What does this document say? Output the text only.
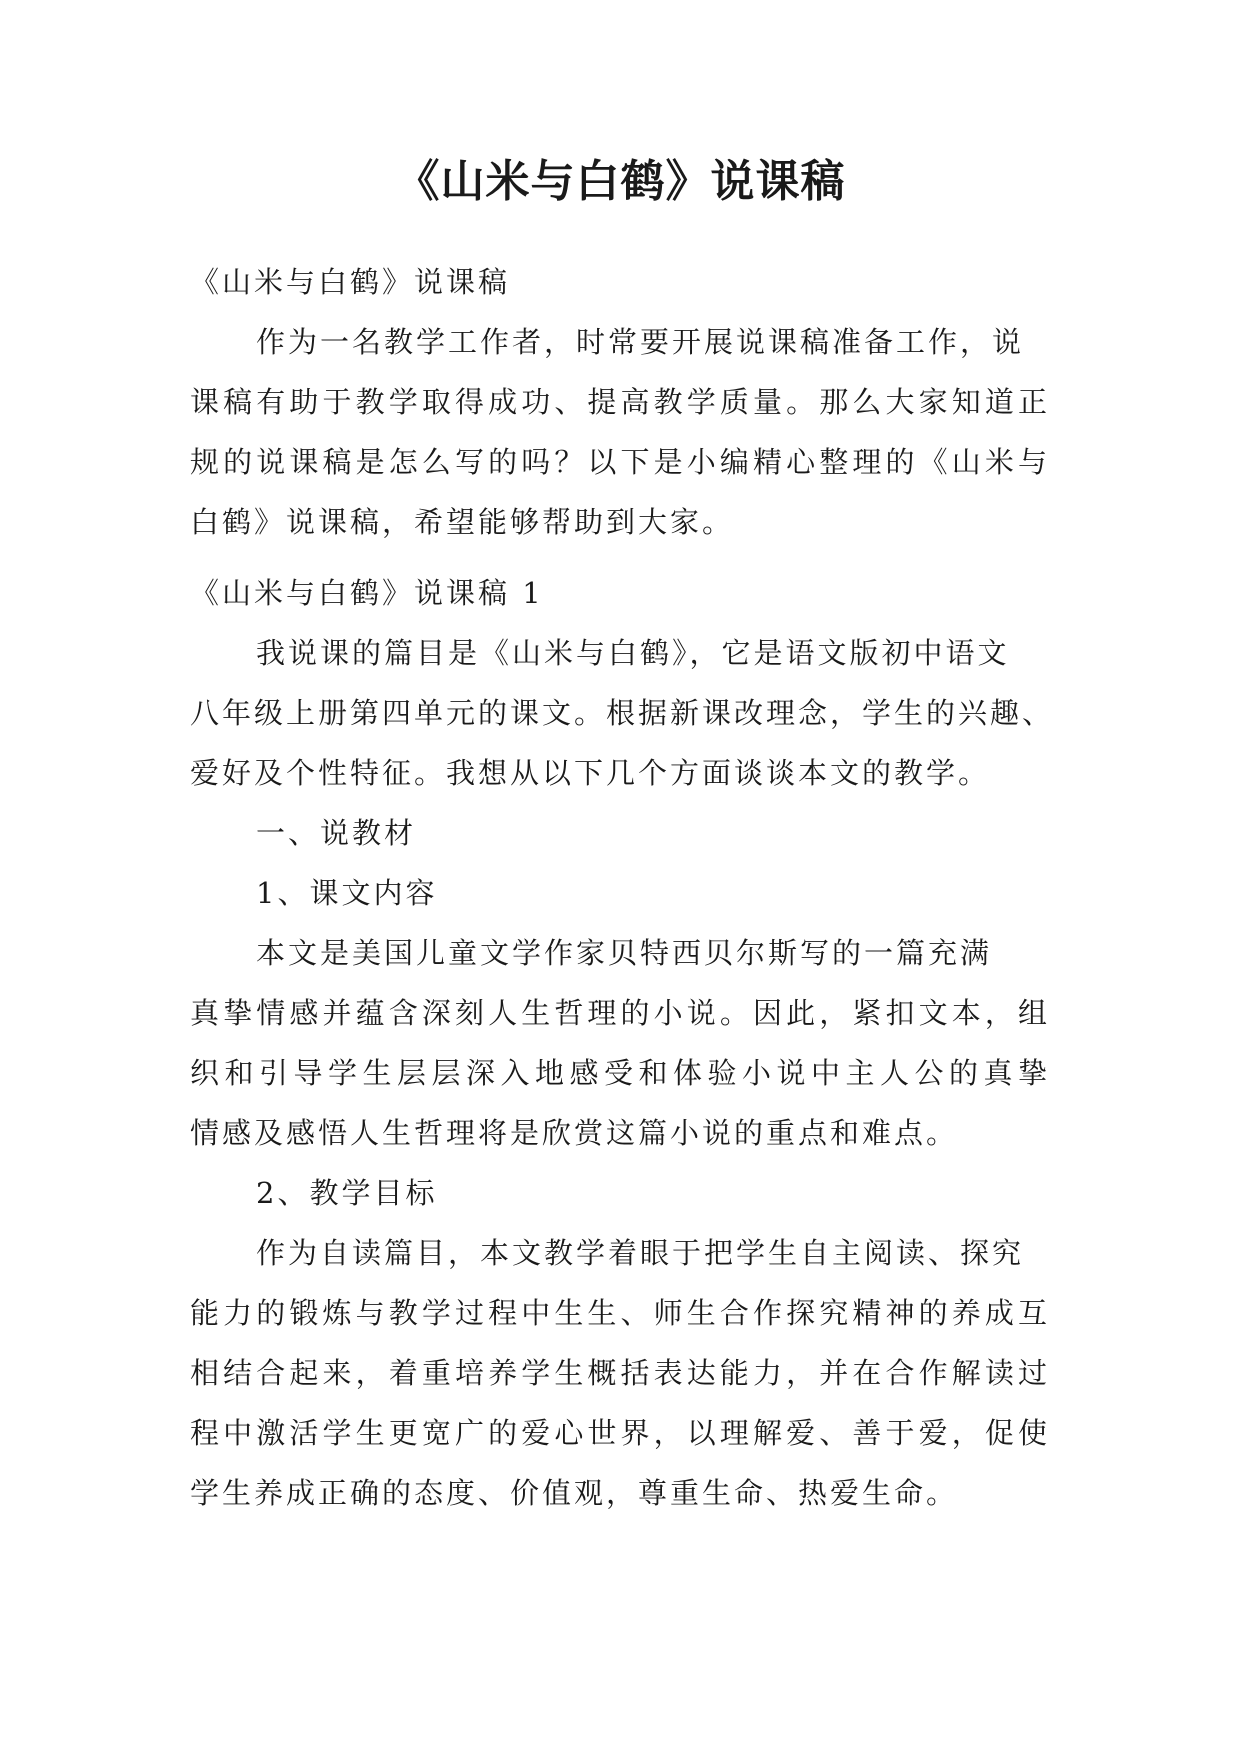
《山米与白鹤》说课稿

《山米与白鹤》说课稿

作为一名教学工作者，时常要开展说课稿准备工作，说

课稿有助于教学取得成功、提高教学质量。那么大家知道正

规的说课稿是怎么写的吗？以下是小编精心整理的《山米与

白鹤》说课稿，希望能够帮助到大家。

《山米与白鹤》说课稿 1

我说课的篇目是《山米与白鹤》，它是语文版初中语文

八年级上册第四单元的课文。根据新课改理念，学生的兴趣、

爱好及个性特征。我想从以下几个方面谈谈本文的教学。

一、说教材

1、课文内容

本文是美国儿童文学作家贝特西贝尔斯写的一篇充满

真挚情感并蕴含深刻人生哲理的小说。因此，紧扣文本，组

织和引导学生层层深入地感受和体验小说中主人公的真挚

情感及感悟人生哲理将是欣赏这篇小说的重点和难点。

2、教学目标

作为自读篇目，本文教学着眼于把学生自主阅读、探究

能力的锻炼与教学过程中生生、师生合作探究精神的养成互

相结合起来，着重培养学生概括表达能力，并在合作解读过

程中激活学生更宽广的爱心世界，以理解爱、善于爱，促使

学生养成正确的态度、价值观，尊重生命、热爱生命。
